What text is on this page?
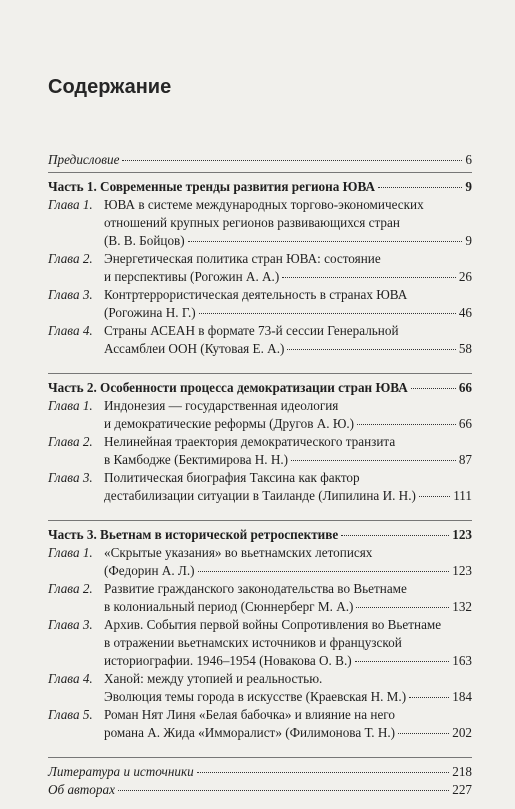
Содержание
Предисловие	6
Часть 1. Современные тренды развития региона ЮВА	9
Глава 1. ЮВА в системе международных торгово-экономических
отношений крупных регионов развивающихся стран
(В. В. Бойцов)	9
Глава 2. Энергетическая политика стран ЮВА: состояние
и перспективы (Рогожин А. А.)	26
Глава 3. Контртеррористическая деятельность в странах ЮВА
(Рогожина Н. Г.)	46
Глава 4. Страны АСЕАН в формате 73-й сессии Генеральной
Ассамблеи ООН (Кутовая Е. А.)	58
Часть 2. Особенности процесса демократизации стран ЮВА	66
Глава 1. Индонезия — государственная идеология
и демократические реформы (Другов А. Ю.)	66
Глава 2. Нелинейная траектория демократического транзита
в Камбодже (Бектимирова Н. Н.)	87
Глава 3. Политическая биография Таксина как фактор
дестабилизации ситуации в Таиланде (Липилина И. Н.)	111
Часть 3. Вьетнам в исторической ретроспективе	123
Глава 1. «Скрытые указания» во вьетнамских летописях
(Федорин А. Л.)	123
Глава 2. Развитие гражданского законодательства во Вьетнаме
в колониальный период (Сюннерберг М. А.)	132
Глава 3. Архив. События первой войны Сопротивления во Вьетнаме
в отражении вьетнамских источников и французской
историографии. 1946–1954 (Новакова О. В.)	163
Глава 4. Ханой: между утопией и реальностью.
Эволюция темы города в искусстве (Краевская Н. М.)	184
Глава 5. Роман Нят Линя «Белая бабочка» и влияние на него
романа А. Жида «Иммoралист» (Филимонова Т. Н.)	202
Литература и источники	218
Об авторах	227
